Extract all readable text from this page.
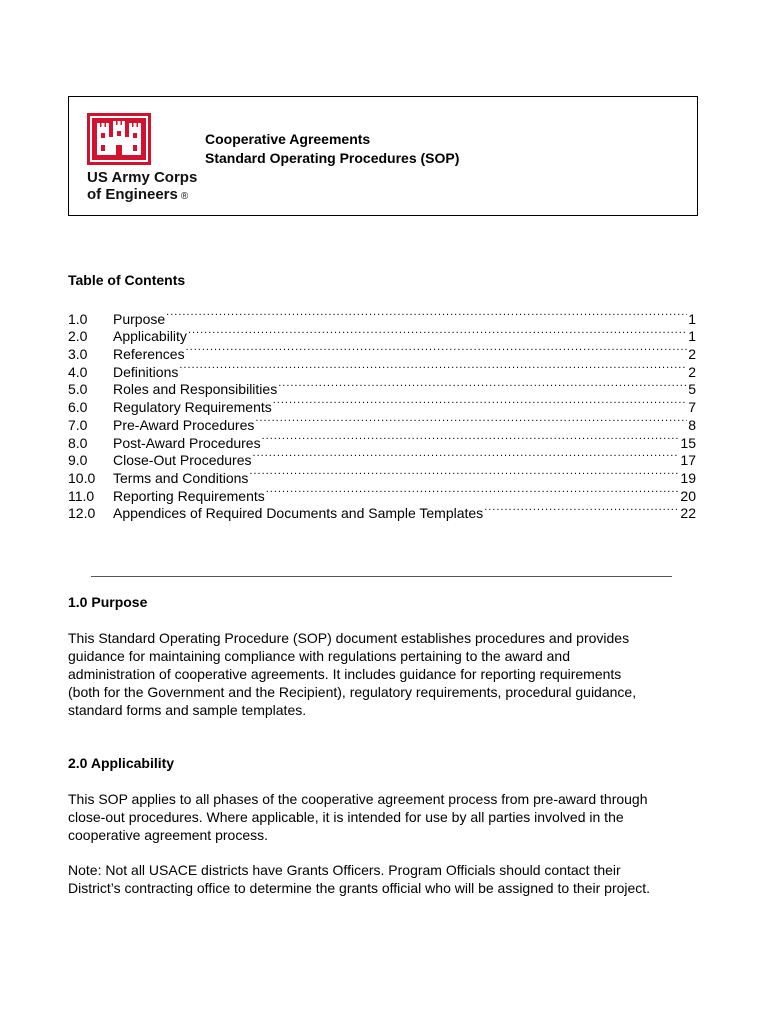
US Army Corps
of Engineers ®
Cooperative Agreements
Standard Operating Procedures (SOP)
Table of Contents
1.0	Purpose .....	1
2.0	Applicability .....	1
3.0	References .....	2
4.0	Definitions .....	2
5.0	Roles and Responsibilities .....	5
6.0	Regulatory Requirements .....	7
7.0	Pre-Award Procedures .....	8
8.0	Post-Award Procedures .....	15
9.0	Close-Out Procedures .....	17
10.0	Terms and Conditions .....	19
11.0	Reporting Requirements .....	20
12.0	Appendices of Required Documents and Sample Templates .....	22
1.0 Purpose
This Standard Operating Procedure (SOP) document establishes procedures and provides
guidance for maintaining compliance with regulations pertaining to the award and
administration of cooperative agreements. It includes guidance for reporting requirements
(both for the Government and the Recipient), regulatory requirements, procedural guidance,
standard forms and sample templates.
2.0 Applicability
This SOP applies to all phases of the cooperative agreement process from pre-award through
close-out procedures. Where applicable, it is intended for use by all parties involved in the
cooperative agreement process.
Note: Not all USACE districts have Grants Officers. Program Officials should contact their
District’s contracting office to determine the grants official who will be assigned to their project.
